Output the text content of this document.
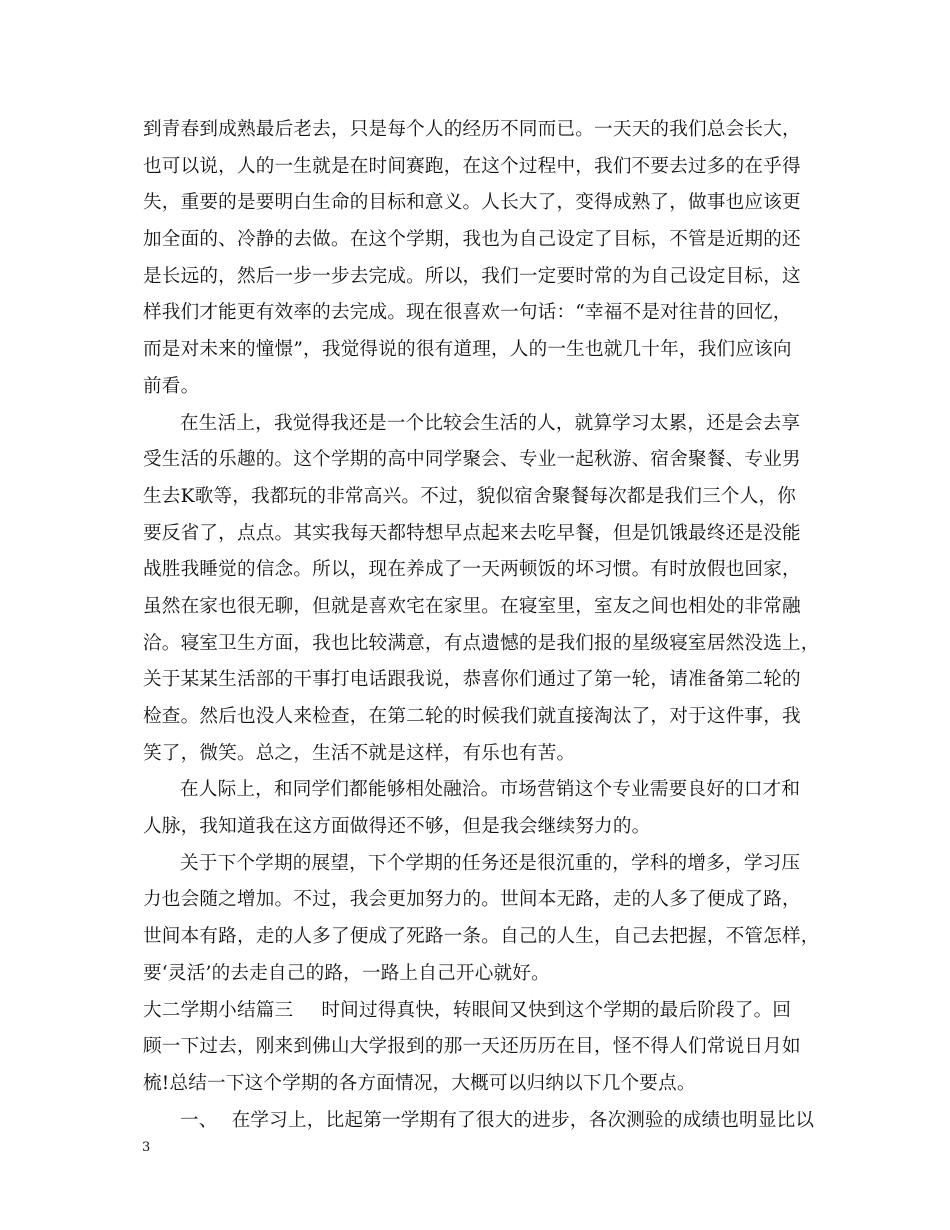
到青春到成熟最后老去，只是每个人的经历不同而已。一天天的我们总会长大，
也可以说，人的一生就是在时间赛跑，在这个过程中，我们不要去过多的在乎得
失，重要的是要明白生命的目标和意义。人长大了，变得成熟了，做事也应该更
加全面的、冷静的去做。在这个学期，我也为自己设定了目标，不管是近期的还
是长远的，然后一步一步去完成。所以，我们一定要时常的为自己设定目标，这
样我们才能更有效率的去完成。现在很喜欢一句话：“幸福不是对往昔的回忆，
而是对未来的憧憬”，我觉得说的很有道理，人的一生也就几十年，我们应该向
前看。
在生活上，我觉得我还是一个比较会生活的人，就算学习太累，还是会去享
受生活的乐趣的。这个学期的高中同学聚会、专业一起秋游、宿舍聚餐、专业男
生去K歌等，我都玩的非常高兴。不过，貌似宿舍聚餐每次都是我们三个人，你
要反省了，点点。其实我每天都特想早点起来去吃早餐，但是饥饿最终还是没能
战胜我睡觉的信念。所以，现在养成了一天两顿饭的坏习惯。有时放假也回家，
虽然在家也很无聊，但就是喜欢宅在家里。在寝室里，室友之间也相处的非常融
洽。寝室卫生方面，我也比较满意，有点遗憾的是我们报的星级寝室居然没选上，
关于某某生活部的干事打电话跟我说，恭喜你们通过了第一轮，请准备第二轮的
检查。然后也没人来检查，在第二轮的时候我们就直接淘汰了，对于这件事，我
笑了，微笑。总之，生活不就是这样，有乐也有苦。
在人际上，和同学们都能够相处融洽。市场营销这个专业需要良好的口才和
人脉，我知道我在这方面做得还不够，但是我会继续努力的。
关于下个学期的展望，下个学期的任务还是很沉重的，学科的增多，学习压
力也会随之增加。不过，我会更加努力的。世间本无路，走的人多了便成了路，
世间本有路，走的人多了便成了死路一条。自己的人生，自己去把握，不管怎样，
要‘灵活’的去走自己的路，一路上自己开心就好。
大二学期小结篇三 时间过得真快，转眼间又快到这个学期的最后阶段了。回
顾一下过去，刚来到佛山大学报到的那一天还历历在目，怪不得人们常说日月如
梳!总结一下这个学期的各方面情况，大概可以归纳以下几个要点。
一、 在学习上，比起第一学期有了很大的进步，各次测验的成绩也明显比以
3
